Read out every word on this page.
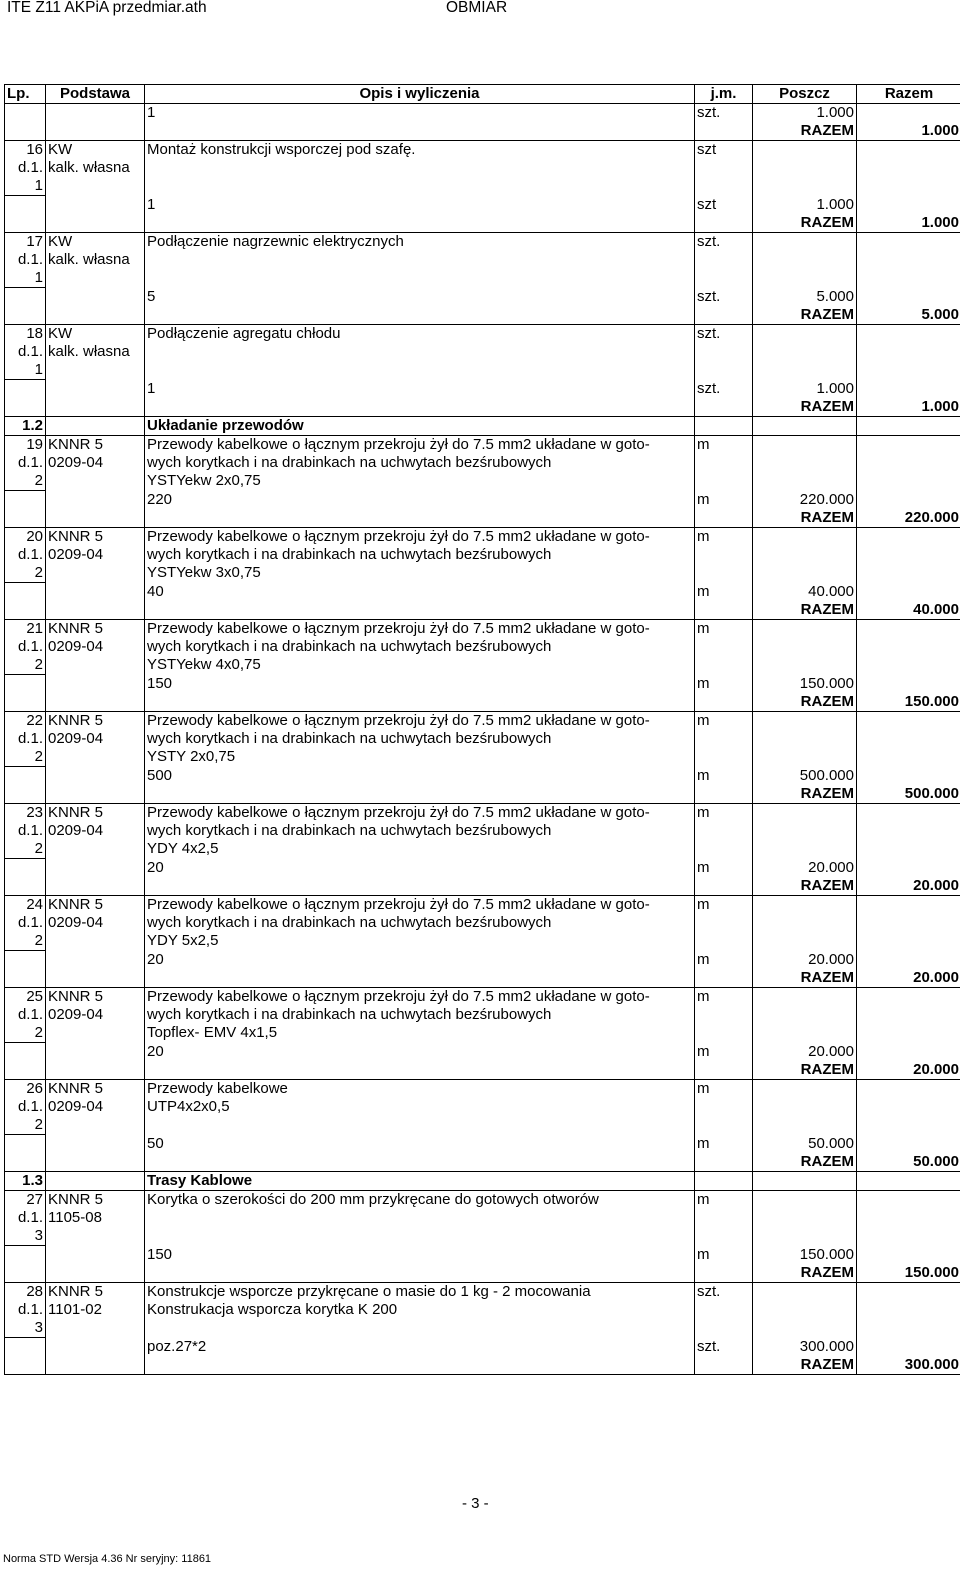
ITE Z11 AKPiA przedmiar.ath	OBMIAR
Lp.	Podstawa	Opis i wyliczenia	j.m.	Poszcz	Razem
		1	szt.	1.000	
				RAZEM	1.000
16	KW	Montaż konstrukcji wsporczej pod szafę.	szt		
d.1.	kalk. własna				
1					
		1	szt	1.000	
				RAZEM	1.000
17	KW	Podłączenie nagrzewnic elektrycznych	szt.		
d.1.	kalk. własna				
1					
		5	szt.	5.000	
				RAZEM	5.000
18	KW	Podłączenie agregatu chłodu	szt.		
d.1.	kalk. własna				
1					
		1	szt.	1.000	
				RAZEM	1.000
1.2		Układanie przewodów			
19	KNNR 5	Przewody kabelkowe o łącznym przekroju żył do 7.5 mm2 układane w goto-	m		
d.1.	0209-04	wych korytkach i na drabinkach na uchwytach bezśrubowych			
2		YSTYekw 2x0,75			
		220	m	220.000	
				RAZEM	220.000
20	KNNR 5	Przewody kabelkowe o łącznym przekroju żył do 7.5 mm2 układane w goto-	m		
d.1.	0209-04	wych korytkach i na drabinkach na uchwytach bezśrubowych			
2		YSTYekw 3x0,75			
		40	m	40.000	
				RAZEM	40.000
21	KNNR 5	Przewody kabelkowe o łącznym przekroju żył do 7.5 mm2 układane w goto-	m		
d.1.	0209-04	wych korytkach i na drabinkach na uchwytach bezśrubowych			
2		YSTYekw 4x0,75			
		150	m	150.000	
				RAZEM	150.000
22	KNNR 5	Przewody kabelkowe o łącznym przekroju żył do 7.5 mm2 układane w goto-	m		
d.1.	0209-04	wych korytkach i na drabinkach na uchwytach bezśrubowych			
2		YSTY 2x0,75			
		500	m	500.000	
				RAZEM	500.000
23	KNNR 5	Przewody kabelkowe o łącznym przekroju żył do 7.5 mm2 układane w goto-	m		
d.1.	0209-04	wych korytkach i na drabinkach na uchwytach bezśrubowych			
2		YDY 4x2,5			
		20	m	20.000	
				RAZEM	20.000
24	KNNR 5	Przewody kabelkowe o łącznym przekroju żył do 7.5 mm2 układane w goto-	m		
d.1.	0209-04	wych korytkach i na drabinkach na uchwytach bezśrubowych			
2		YDY 5x2,5			
		20	m	20.000	
				RAZEM	20.000
25	KNNR 5	Przewody kabelkowe o łącznym przekroju żył do 7.5 mm2 układane w goto-	m		
d.1.	0209-04	wych korytkach i na drabinkach na uchwytach bezśrubowych			
2		Topflex- EMV 4x1,5			
		20	m	20.000	
				RAZEM	20.000
26	KNNR 5	Przewody kabelkowe	m		
d.1.	0209-04	UTP4x2x0,5			
2					
		50	m	50.000	
				RAZEM	50.000
1.3		Trasy Kablowe			
27	KNNR 5	Korytka o szerokości do 200 mm przykręcane do gotowych otworów	m		
d.1.	1105-08				
3					
		150	m	150.000	
				RAZEM	150.000
28	KNNR 5	Konstrukcje wsporcze przykręcane o masie do 1 kg - 2 mocowania	szt.		
d.1.	1101-02	Konstrukacja wsporcza korytka K 200			
3					
		poz.27*2	szt.	300.000	
				RAZEM	300.000
- 3 -
Norma STD Wersja 4.36 Nr seryjny: 11861
